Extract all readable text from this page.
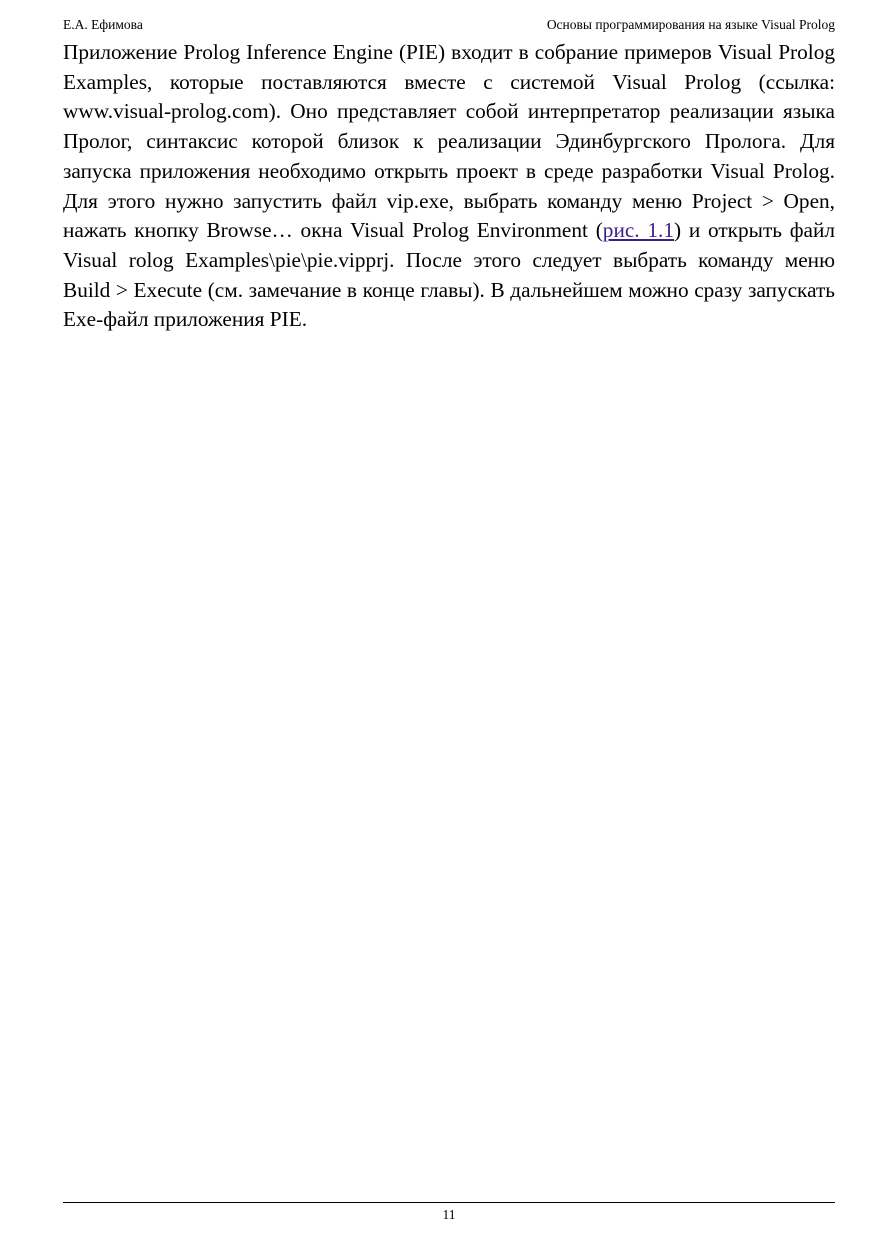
Е.А. Ефимова	Основы программирования на языке Visual Prolog

Приложение Prolog Inference Engine (PIE) входит в собрание примеров Visual Prolog Examples, которые поставляются вместе с системой Visual Prolog (ссылка: www.visual-prolog.com). Оно представляет собой интерпретатор реализации языка Пролог, синтаксис которой близок к реализации Эдинбургского Пролога. Для запуска приложения необходимо открыть проект в среде разработки Visual Prolog. Для этого нужно запустить файл vip.exe, выбрать команду меню Project > Open, нажать кнопку Browse… окна Visual Prolog Environment (рис. 1.1) и открыть файл Visual rolog Examples\pie\pie.vipprj. После этого следует выбрать команду меню Build > Execute (см. замечание в конце главы). В дальнейшем можно сразу запускать Exe-файл приложения PIE.

11
